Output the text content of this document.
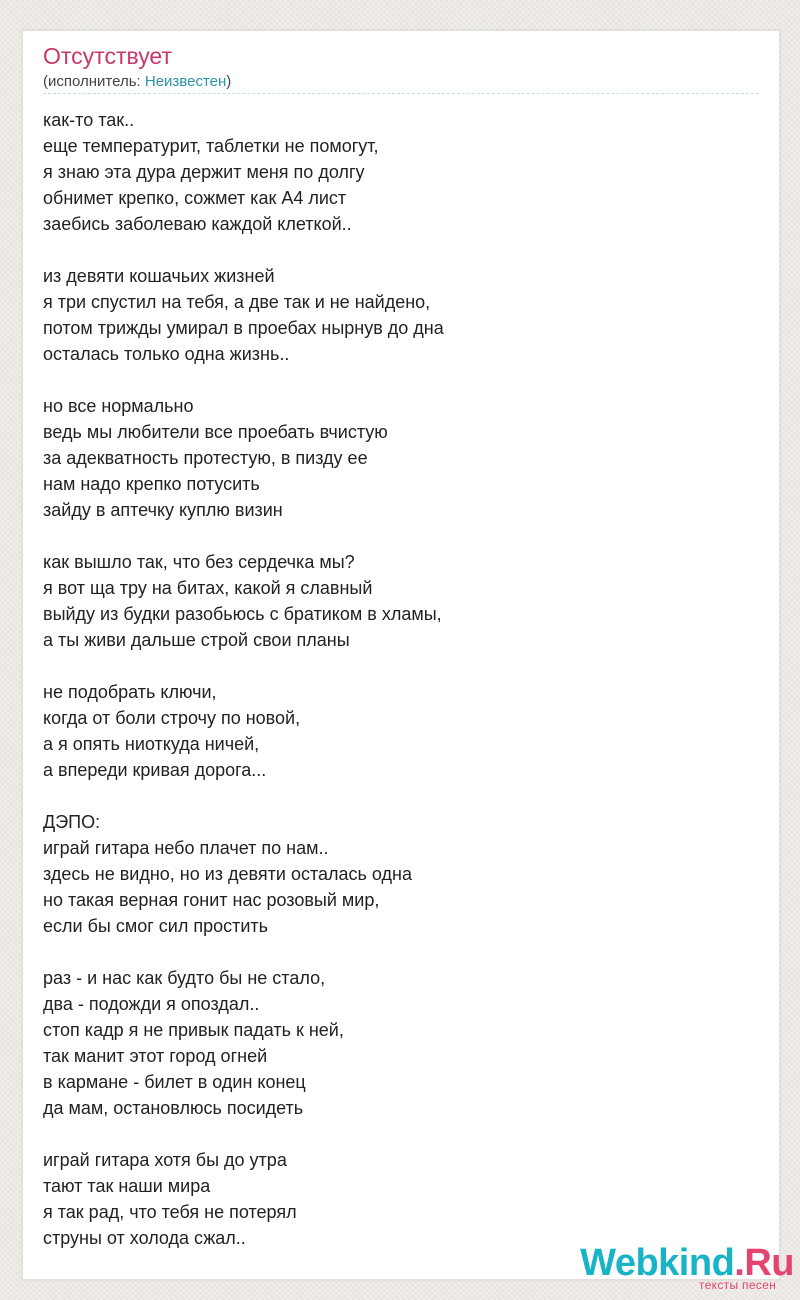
Отсутствует
(исполнитель: Неизвестен)
как-то так..
еще температурит, таблетки не помогут,
я знаю эта дура держит меня по долгу
обнимет крепко, сожмет как А4 лист
заебись заболеваю каждой клеткой..

из девяти кошачьих жизней
я три спустил на тебя, а две так и не найдено,
потом трижды умирал в проебах нырнув до дна
осталась только одна жизнь..

но все нормально
ведь мы любители все проебать вчистую
за адекватность протестую, в пизду ее
нам надо крепко потусить
зайду в аптечку куплю визин

как вышло так, что без сердечка мы?
я вот ща тру на битах, какой я славный
выйду из будки разобьюсь с братиком в хламы,
а ты живи дальше строй свои планы

не подобрать ключи,
когда от боли строчу по новой,
а я опять ниоткуда ничей,
а впереди кривая дорога...

ДЭПО:
играй гитара небо плачет по нам..
здесь не видно, но из девяти осталась одна
но такая верная гонит нас розовый мир,
если бы смог сил простить

раз - и нас как будто бы не стало,
два - подожди я опоздал..
стоп кадр я не привык падать к ней,
так манит этот город огней
в кармане - билет в один конец
да мам, остановлюсь посидеть

играй гитара хотя бы до утра
тают так наши мира
я так рад, что тебя не потерял
струны от холода сжал..
Webkind.Ru
тексты песен
